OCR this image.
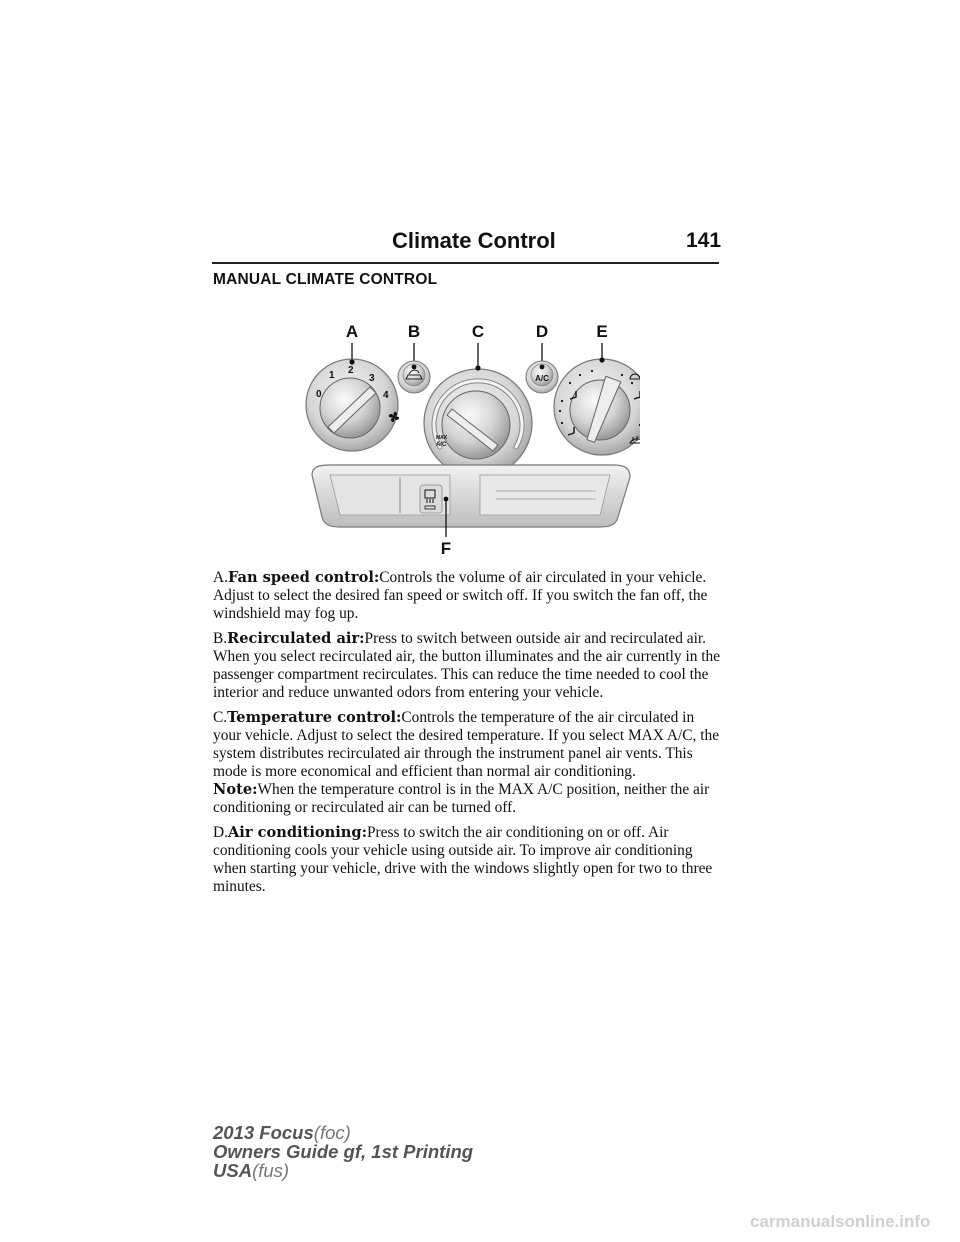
Climate Control	141
MANUAL CLIMATE CONTROL
A	B	C	D	E
0
1 2
3
4
MAX
A/C
A/C
F

A.Fan speed control:Controls the volume of air circulated in your vehicle. Adjust to select the desired fan speed or switch off. If you switch the fan off, the windshield may fog up.

B.Recirculated air:Press to switch between outside air and recirculated air. When you select recirculated air, the button illuminates and the air currently in the passenger compartment recirculates. This can reduce the time needed to cool the interior and reduce unwanted odors from entering your vehicle.

C.Temperature control:Controls the temperature of the air circulated in your vehicle. Adjust to select the desired temperature. If you select MAX A/C, the system distributes recirculated air through the instrument panel air vents. This mode is more economical and efficient than normal air conditioning.

Note:When the temperature control is in the MAX A/C position, neither the air conditioning or recirculated air can be turned off.

D.Air conditioning:Press to switch the air conditioning on or off. Air conditioning cools your vehicle using outside air. To improve air conditioning when starting your vehicle, drive with the windows slightly open for two to three minutes.

2013 Focus(foc)
Owners Guide gf, 1st Printing
USA(fus)
carmanualsonline.info
